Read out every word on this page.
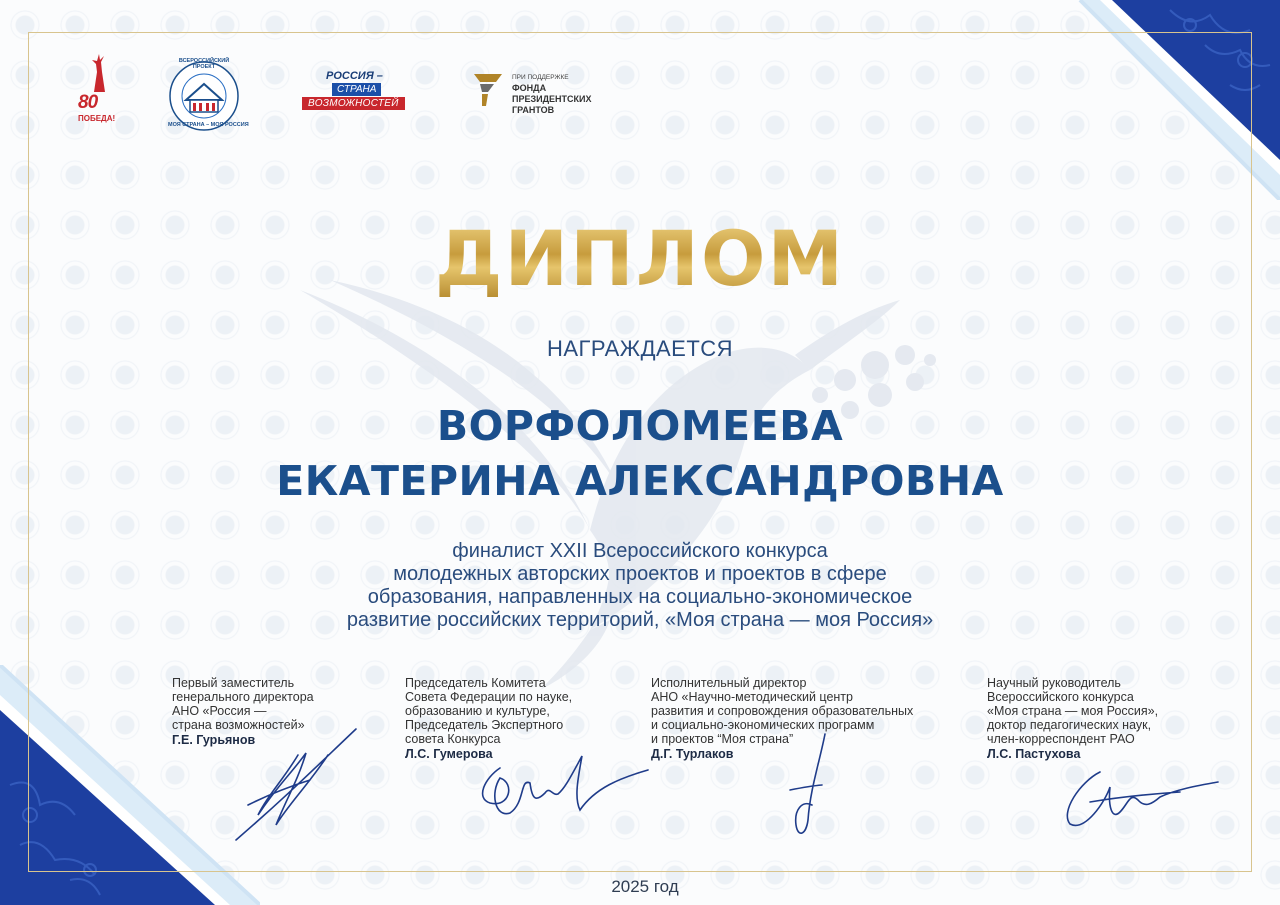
80
ПОБЕДА!
ВСЕРОССИЙСКИЙ ПРОЕКТ
МОЯ СТРАНА – МОЯ РОССИЯ
РОССИЯ –
СТРАНА
ВОЗМОЖНОСТЕЙ
ПРИ ПОДДЕРЖКЕ
ФОНДА
ПРЕЗИДЕНТСКИХ
ГРАНТОВ
ДИПЛОМ
НАГРАЖДАЕТСЯ
ВОРФОЛОМЕЕВА
ЕКАТЕРИНА АЛЕКСАНДРОВНА
финалист XXII Всероссийского конкурса
молодежных авторских проектов и проектов в сфере
образования, направленных на социально-экономическое
развитие российских территорий, «Моя страна — моя Россия»
Первый заместитель
генерального директора
АНО «Россия —
страна возможностей»
Г.Е. Гурьянов
Председатель Комитета
Совета Федерации по науке,
образованию и культуре,
Председатель Экспертного
совета Конкурса
Л.С. Гумерова
Исполнительный директор
АНО «Научно-методический центр
развития и сопровождения образовательных
и социально-экономических программ
и проектов “Моя страна”
Д.Г. Турлаков
Научный руководитель
Всероссийского конкурса
«Моя страна — моя Россия»,
доктор педагогических наук,
член-корреспондент РАО
Л.С. Пастухова
2025 год
